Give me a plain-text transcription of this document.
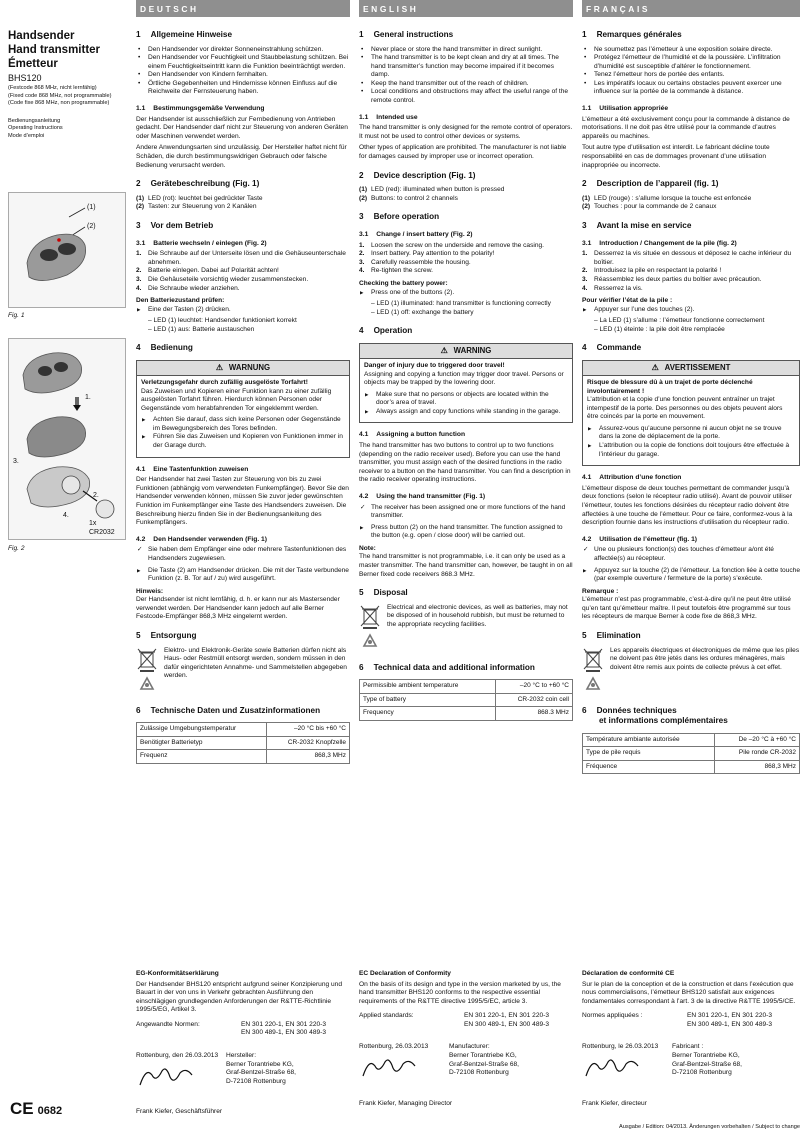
DEUTSCH	ENGLISH	FRANÇAIS
Handsender
Hand transmitter
Émetteur
BHS120
(Festcode 868 MHz, nicht lernfähig)
(Fixed code 868 MHz, not programmable)
(Code fixe 868 MHz, non programmable)
Bedienungsanleitung
Operating Instructions
Mode d’emploi
(1)
(2)
Fig. 1
1.
2.
3.
4.
1x
CR2032
Fig. 2
1 Allgemeine Hinweise
• Den Handsender vor direkter Sonneneinstrahlung schützen.
• Den Handsender vor Feuchtigkeit und Staubbelastung schützen. Bei einem Feuchtigkeitseintritt kann die Funktion beeinträchtigt werden.
• Den Handsender von Kindern fernhalten.
• Örtliche Gegebenheiten und Hindernisse können Einfluss auf die Reichweite der Fernsteuerung haben.
1.1 Bestimmungsgemäße Verwendung
Der Handsender ist ausschließlich zur Fernbedienung von Antrieben gedacht. Der Handsender darf nicht zur Steuerung von anderen Geräten oder Maschinen verwendet werden.
Andere Anwendungsarten sind unzulässig. Der Hersteller haftet nicht für Schäden, die durch bestimmungswidrigen Gebrauch oder falsche Bedienung verursacht werden.
2 Gerätebeschreibung (Fig. 1)
(1) LED (rot): leuchtet bei gedrückter Taste
(2) Tasten: zur Steuerung von 2 Kanälen
3 Vor dem Betrieb
3.1 Batterie wechseln / einlegen (Fig. 2)
1. Die Schraube auf der Unterseite lösen und die Gehäuseunterschale abnehmen.
2. Batterie einlegen. Dabei auf Polarität achten!
3. Die Gehäuseteile vorsichtig wieder zusammenstecken.
4. Die Schraube wieder anziehen.
Den Batteriezustand prüfen:
▶ Eine der Tasten (2) drücken.
– LED (1) leuchtet: Handsender funktioniert korrekt
– LED (1) aus: Batterie austauschen
4 Bedienung
⚠ WARNUNG
Verletzungsgefahr durch zufällig ausgelöste Torfahrt!
Das Zuweisen und Kopieren einer Funktion kann zu einer zufällig ausgelösten Torfahrt führen. Hierdurch können Personen oder Gegenstände vom herabfahrenden Tor eingeklemmt werden.
▶ Achten Sie darauf, dass sich keine Personen oder Gegenstände im Bewegungsbereich des Tores befinden.
▶ Führen Sie das Zuweisen und Kopieren von Funktionen immer in der Garage durch.
4.1 Eine Tastenfunktion zuweisen
Der Handsender hat zwei Tasten zur Steuerung von bis zu zwei Funktionen (abhängig vom verwendeten Funkempfänger). Bevor Sie den Handsender verwenden können, müssen Sie zuvor jeder gewünschten Funktion im Funkempfänger eine Taste des Handsenders zuweisen. Die Beschreibung hierzu finden Sie in der Bedienungsanleitung des Funkempfängers.
4.2 Den Handsender verwenden (Fig. 1)
✓ Sie haben dem Empfänger eine oder mehrere Tastenfunktionen des Handsenders zugewiesen.
▶ Die Taste (2) am Handsender drücken. Die mit der Taste verbundene Funktion (z. B. Tor auf / zu) wird ausgeführt.
Hinweis:
Der Handsender ist nicht lernfähig, d. h. er kann nur als Mastersender verwendet werden. Der Handsender kann jedoch auf alle Berner Festcode-Empfänger 868,3 MHz eingelernt werden.
5 Entsorgung
Elektro- und Elektronik-Geräte sowie Batterien dürfen nicht als Haus- oder Restmüll entsorgt werden, sondern müssen in den dafür eingerichteten Annahme- und Sammelstellen abgegeben werden.
6 Technische Daten und Zusatzinformationen
Zulässige Umgebungstemperatur	–20 °C bis +60 °C
Benötigter Batterietyp	CR-2032 Knopfzelle
Frequenz	868,3 MHz
1 General instructions
• Never place or store the hand transmitter in direct sunlight.
• The hand transmitter is to be kept clean and dry at all times. The hand transmitter’s function may become impaired if it becomes damp.
• Keep the hand transmitter out of the reach of children.
• Local conditions and obstructions may affect the useful range of the remote control.
1.1 Intended use
The hand transmitter is only designed for the remote control of operators. It must not be used to control other devices or systems.
Other types of application are prohibited. The manufacturer is not liable for damages caused by improper use or incorrect operation.
2 Device description (Fig. 1)
(1) LED (red): illuminated when button is pressed
(2) Buttons: to control 2 channels
3 Before operation
3.1 Change / insert battery (Fig. 2)
1. Loosen the screw on the underside and remove the casing.
2. Insert battery. Pay attention to the polarity!
3. Carefully reassemble the housing.
4. Re-tighten the screw.
Checking the battery power:
▶ Press one of the buttons (2).
– LED (1) illuminated: hand transmitter is functioning correctly
– LED (1) off: exchange the battery
4 Operation
⚠ WARNING
Danger of injury due to triggered door travel!
Assigning and copying a function may trigger door travel. Persons or objects may be trapped by the lowering door.
▶ Make sure that no persons or objects are located within the door’s area of travel.
▶ Always assign and copy functions while standing in the garage.
4.1 Assigning a button function
The hand transmitter has two buttons to control up to two functions (depending on the radio receiver used). Before you can use the hand transmitter, you must assign each of the desired functions in the radio receiver to a button on the hand transmitter. You can find a description in the radio receiver operating instructions.
4.2 Using the hand transmitter (Fig. 1)
✓ The receiver has been assigned one or more functions of the hand transmitter.
▶ Press button (2) on the hand transmitter. The function assigned to the button (e.g. open / close door) will be carried out.
Note:
The hand transmitter is not programmable, i.e. it can only be used as a master transmitter. The hand transmitter can, however, be taught in on all Berner fixed code receivers 868.3 MHz.
5 Disposal
Electrical and electronic devices, as well as batteries, may not be disposed of in household rubbish, but must be returned to the appropriate recycling facilities.
6 Technical data and additional information
Permissible ambient temperature	–20 °C to +60 °C
Type of battery	CR-2032 coin cell
Frequency	868.3 MHz
1 Remarques générales
• Ne soumettez pas l’émetteur à une exposition solaire directe.
• Protégez l’émetteur de l’humidité et de la poussière. L’infiltration d’humidité est susceptible d’altérer le fonctionnement.
• Tenez l’émetteur hors de portée des enfants.
• Les impératifs locaux ou certains obstacles peuvent exercer une influence sur la portée de la commande à distance.
1.1 Utilisation appropriée
L’émetteur a été exclusivement conçu pour la commande à distance de motorisations. Il ne doit pas être utilisé pour la commande d’autres appareils ou machines.
Tout autre type d’utilisation est interdit. Le fabricant décline toute responsabilité en cas de dommages provenant d’une utilisation inappropriée ou incorrecte.
2 Description de l’appareil (fig. 1)
(1) LED (rouge) : s’allume lorsque la touche est enfoncée
(2) Touches : pour la commande de 2 canaux
3 Avant la mise en service
3.1 Introduction / Changement de la pile (fig. 2)
1. Desserrez la vis située en dessous et déposez le cache inférieur du boîtier.
2. Introduisez la pile en respectant la polarité !
3. Réassemblez les deux parties du boîtier avec précaution.
4. Resserrez la vis.
Pour vérifier l’état de la pile :
▶ Appuyer sur l’une des touches (2).
– La LED (1) s’allume : l’émetteur fonctionne correctement
– LED (1) éteinte : la pile doit être remplacée
4 Commande
⚠ AVERTISSEMENT
Risque de blessure dû à un trajet de porte déclenché involontairement !
L’attribution et la copie d’une fonction peuvent entraîner un trajet intempestif de la porte. Des personnes ou des objets peuvent alors être coincés par la porte en mouvement.
▶ Assurez-vous qu’aucune personne ni aucun objet ne se trouve dans la zone de déplacement de la porte.
▶ L’attribution ou la copie de fonctions doit toujours être effectuée à l’intérieur du garage.
4.1 Attribution d’une fonction
L’émetteur dispose de deux touches permettant de commander jusqu’à deux fonctions (selon le récepteur radio utilisé). Avant de pouvoir utiliser l’émetteur, toutes les fonctions désirées du récepteur radio doivent être affectées à une touche de l’émetteur. Pour ce faire, conformez-vous à la description fournie dans les instructions d’utilisation du récepteur radio.
4.2 Utilisation de l’émetteur (fig. 1)
✓ Une ou plusieurs fonction(s) des touches d’émetteur a/ont été affectée(s) au récepteur.
▶ Appuyez sur la touche (2) de l’émetteur. La fonction liée à cette touche (par exemple ouverture / fermeture de la porte) s’exécute.
Remarque :
L’émetteur n’est pas programmable, c’est-à-dire qu’il ne peut être utilisé qu’en tant qu’émetteur maître. Il peut toutefois être programmé sur tous les récepteurs de marque Berner à code fixe de 868,3 MHz.
5 Elimination
Les appareils électriques et électroniques de même que les piles ne doivent pas être jetés dans les ordures ménagères, mais doivent être remis aux points de collecte prévus à cet effet.
6 Données techniques
et informations complémentaires
Température ambiante autorisée	De –20 °C à +60 °C
Type de pile requis	Pile ronde CR-2032
Fréquence	868,3 MHz
EG-Konformitätserklärung
Der Handsender BHS120 entspricht aufgrund seiner Konzipierung und Bauart in der von uns in Verkehr gebrachten Ausführung den einschlägigen grundlegenden Anforderungen der R&TTE-Richtlinie 1995/5/EG, Artikel 3.
Angewandte Normen:	EN 301 220-1, EN 301 220-3
EN 300 489-1, EN 300 489-3
Rottenburg, den 26.03.2013	Hersteller:
Berner Torantriebe KG,
Graf-Bentzel-Straße 68,
D-72108 Rottenburg
Frank Kiefer, Geschäftsführer
EC Declaration of Conformity
On the basis of its design and type in the version marketed by us, the hand transmitter BHS120 conforms to the respective essential requirements of the R&TTE directive 1995/5/EC, article 3.
Applied standards:	EN 301 220-1, EN 301 220-3
EN 300 489-1, EN 300 489-3
Rottenburg, 26.03.2013	Manufacturer:
Berner Torantriebe KG,
Graf-Bentzel-Straße 68,
D-72108 Rottenburg
Frank Kiefer, Managing Director
Déclaration de conformité CE
Sur le plan de la conception et de la construction et dans l’exécution que nous commercialisons, l’émetteur BHS120 satisfait aux exigences fondamentales correspondant à l’art. 3 de la directive R&TTE 1995/5/CE.
Normes appliquées :	EN 301 220-1, EN 301 220-3
EN 300 489-1, EN 300 489-3
Rottenburg, le 26.03.2013	Fabricant :
Berner Torantriebe KG,
Graf-Bentzel-Straße 68,
D-72108 Rottenburg
Frank Kiefer, directeur
CE 0682
Ausgabe / Edition: 04/2013. Änderungen vorbehalten / Subject to change
